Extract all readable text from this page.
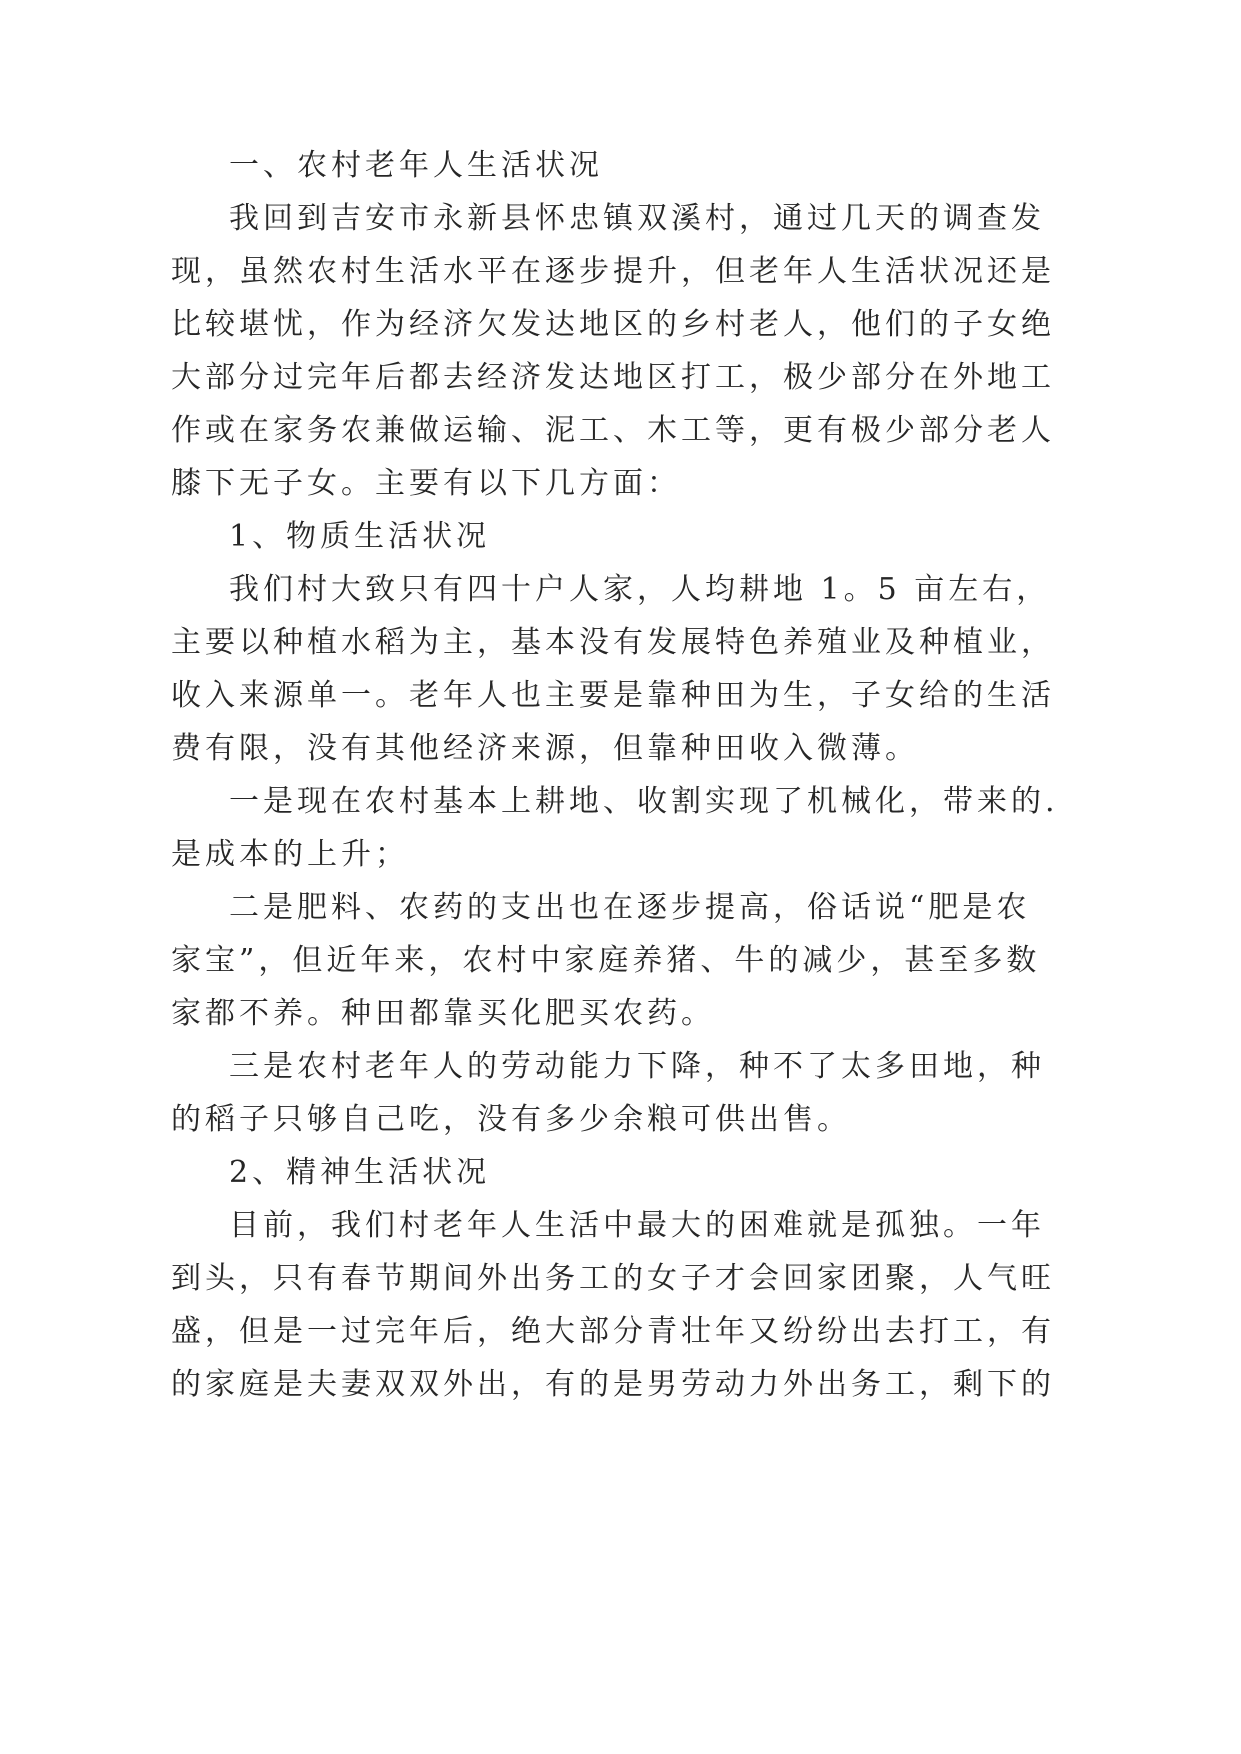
一、农村老年人生活状况

我回到吉安市永新县怀忠镇双溪村，通过几天的调查发

现，虽然农村生活水平在逐步提升，但老年人生活状况还是

比较堪忧，作为经济欠发达地区的乡村老人，他们的子女绝

大部分过完年后都去经济发达地区打工，极少部分在外地工

作或在家务农兼做运输、泥工、木工等，更有极少部分老人

膝下无子女。主要有以下几方面：

1、物质生活状况

我们村大致只有四十户人家，人均耕地 1。5 亩左右，

主要以种植水稻为主，基本没有发展特色养殖业及种植业，

收入来源单一。老年人也主要是靠种田为生，子女给的生活

费有限，没有其他经济来源，但靠种田收入微薄。

一是现在农村基本上耕地、收割实现了机械化，带来的.

是成本的上升；

二是肥料、农药的支出也在逐步提高，俗话说“肥是农

家宝”，但近年来，农村中家庭养猪、牛的减少，甚至多数

家都不养。种田都靠买化肥买农药。

三是农村老年人的劳动能力下降，种不了太多田地，种

的稻子只够自己吃，没有多少余粮可供出售。

2、精神生活状况

目前，我们村老年人生活中最大的困难就是孤独。一年

到头，只有春节期间外出务工的女子才会回家团聚，人气旺

盛，但是一过完年后，绝大部分青壮年又纷纷出去打工，有

的家庭是夫妻双双外出，有的是男劳动力外出务工，剩下的
